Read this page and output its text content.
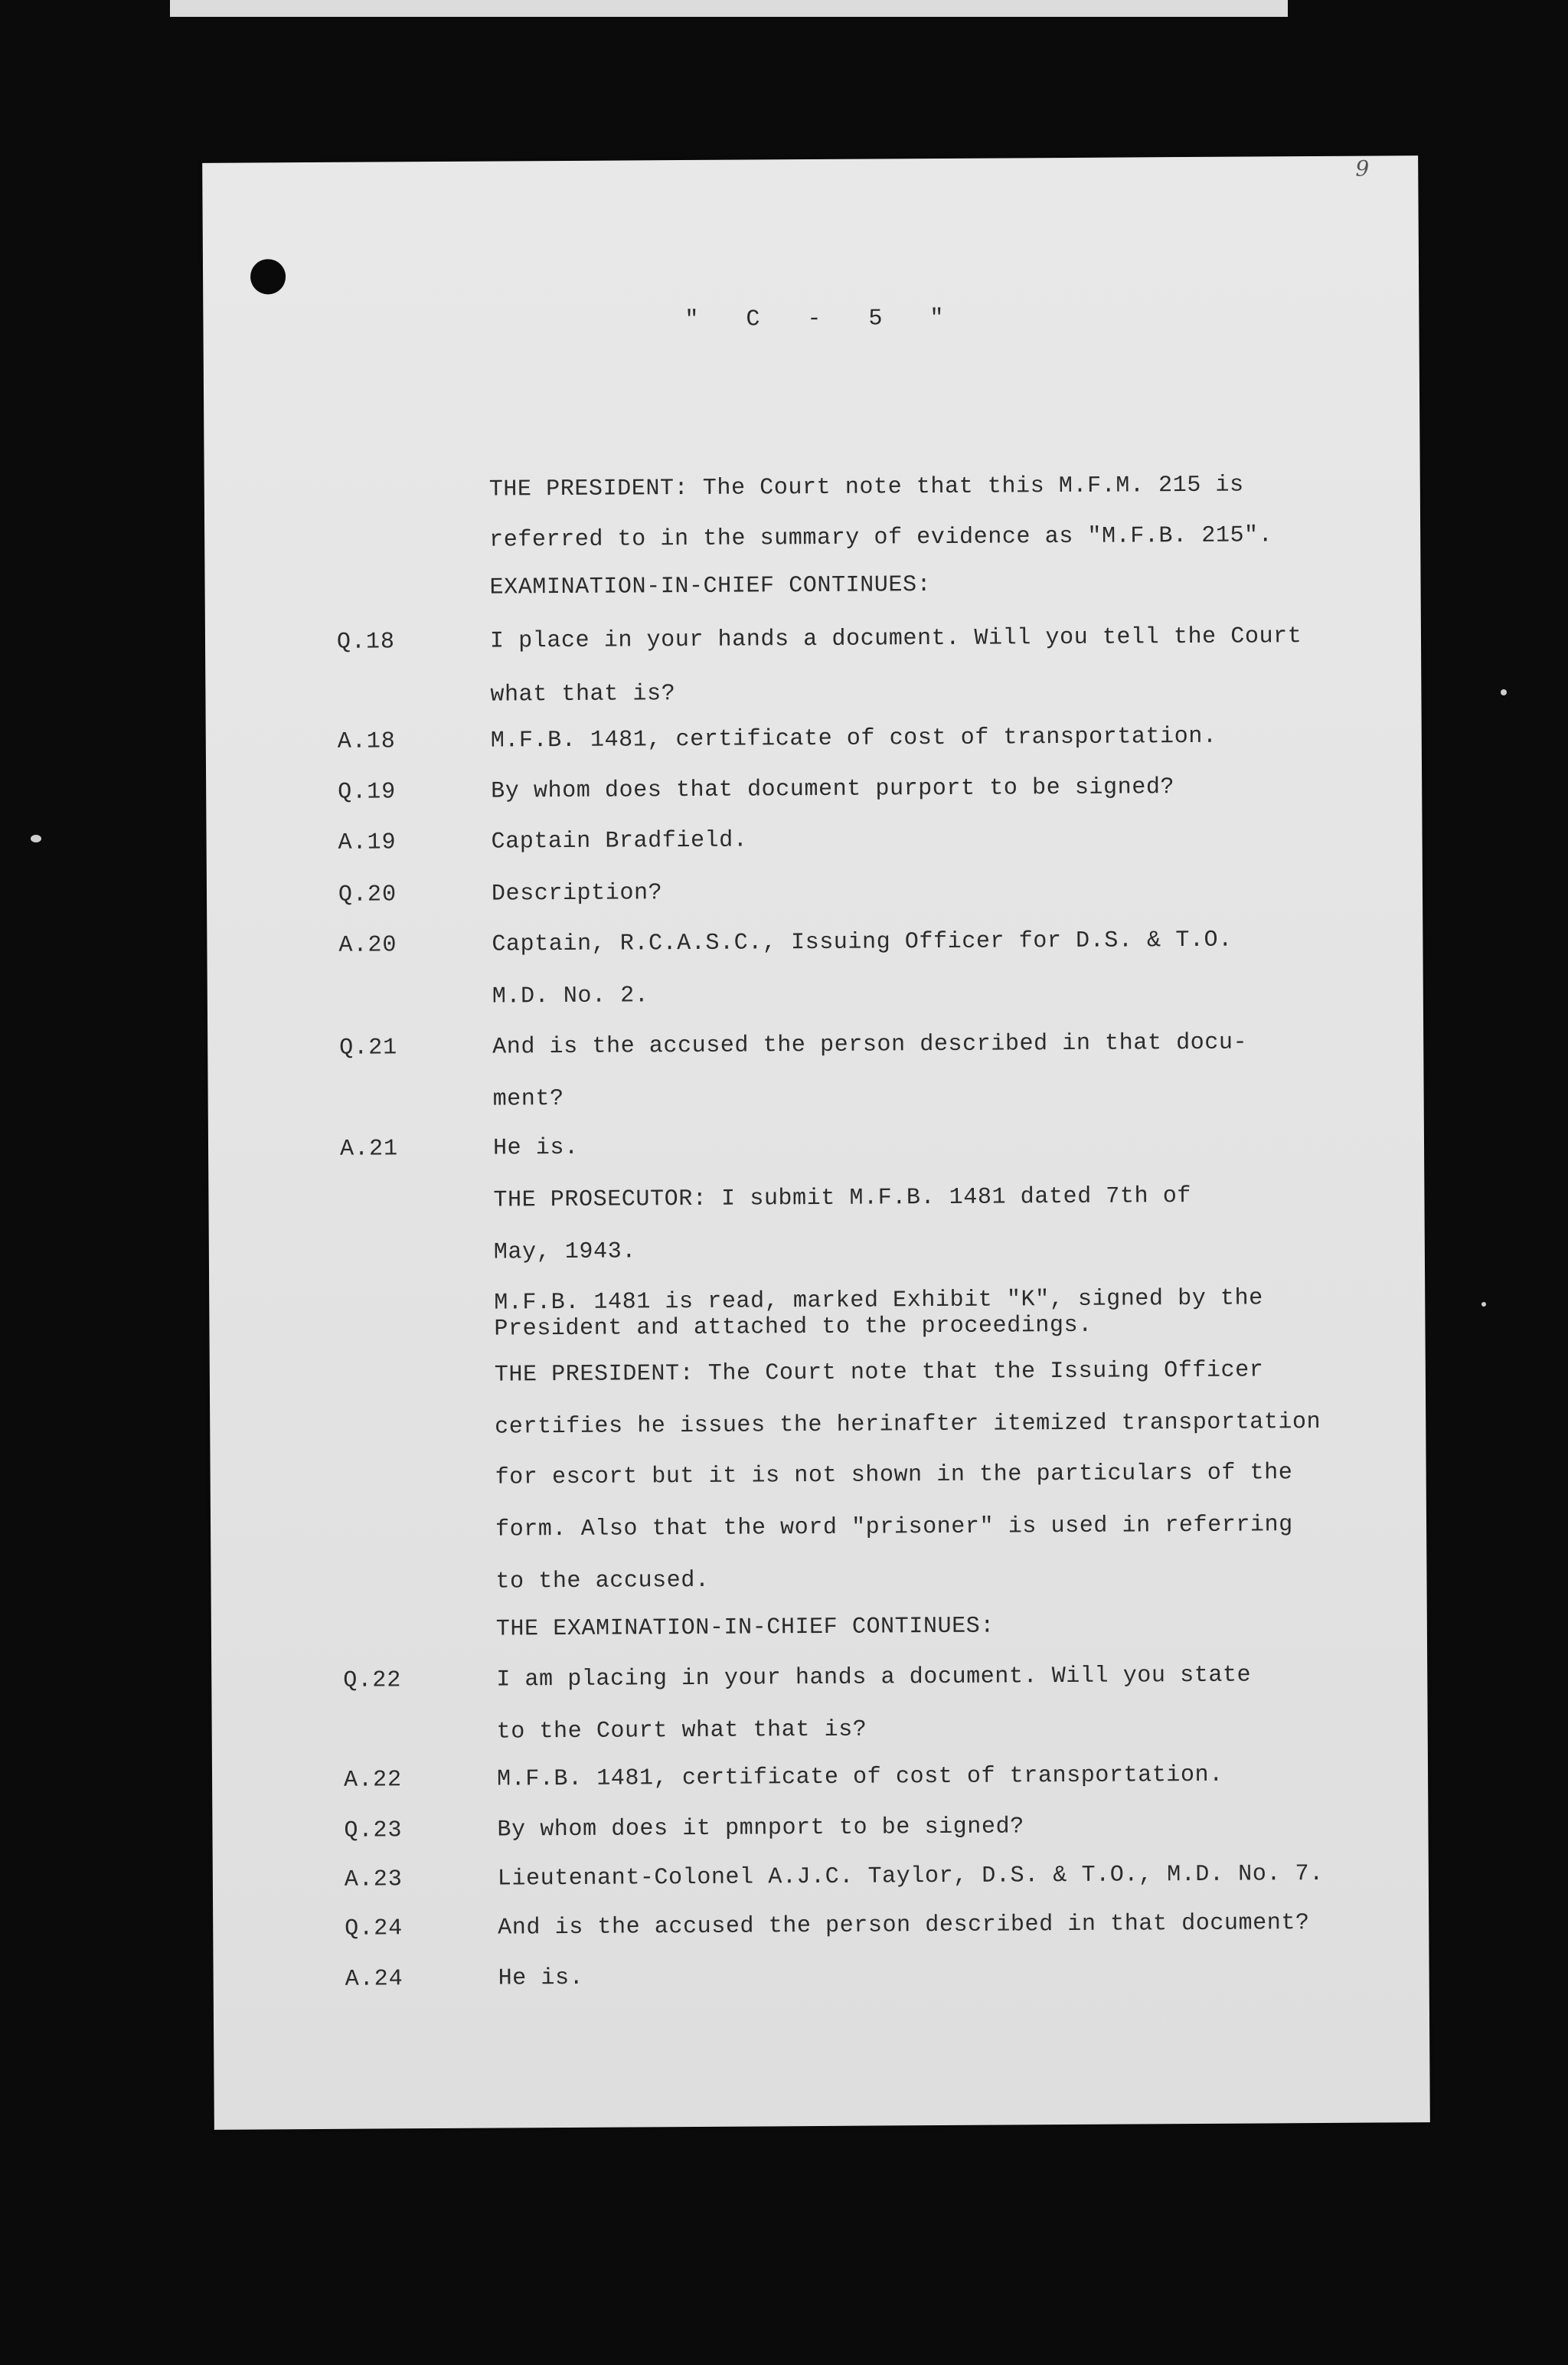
9
" C - 5 "
THE PRESIDENT: The Court note that this M.F.M. 215 is
referred to in the summary of evidence as "M.F.B. 215".
EXAMINATION-IN-CHIEF CONTINUES:
Q.18	I place in your hands a document. Will you tell the Court
what that is?
A.18	M.F.B. 1481, certificate of cost of transportation.
Q.19	By whom does that document purport to be signed?
A.19	Captain Bradfield.
Q.20	Description?
A.20	Captain, R.C.A.S.C., Issuing Officer for D.S. & T.O.
M.D. No. 2.
Q.21	And is the accused the person described in that docu-
ment?
A.21	He is.
THE PROSECUTOR: I submit M.F.B. 1481 dated 7th of
May, 1943.
M.F.B. 1481 is read, marked Exhibit "K", signed by the
President and attached to the proceedings.
THE PRESIDENT: The Court note that the Issuing Officer
certifies he issues the herinafter itemized transportation
for escort but it is not shown in the particulars of the
form. Also that the word "prisoner" is used in referring
to the accused.
THE EXAMINATION-IN-CHIEF CONTINUES:
Q.22	I am placing in your hands a document. Will you state
to the Court what that is?
A.22	M.F.B. 1481, certificate of cost of transportation.
Q.23	By whom does it pmnport to be signed?
A.23	Lieutenant-Colonel A.J.C. Taylor, D.S. & T.O., M.D. No. 7.
Q.24	And is the accused the person described in that document?
A.24	He is.
